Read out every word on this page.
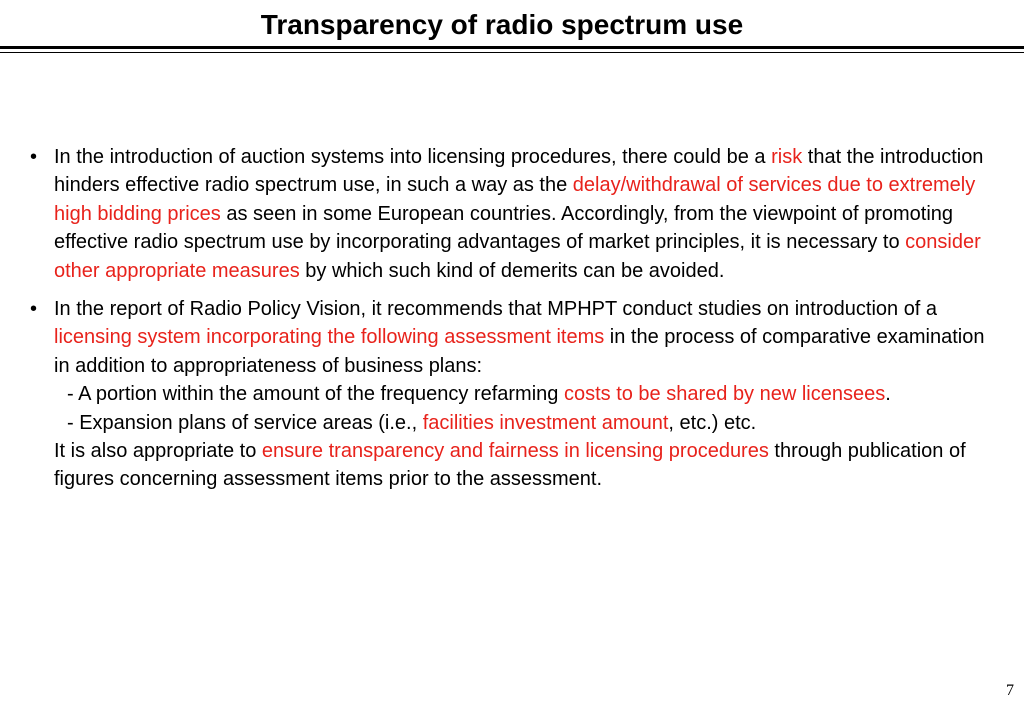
Transparency of radio spectrum use
• In the introduction of auction systems into licensing procedures, there could be a risk that the introduction hinders effective radio spectrum use, in such a way as the delay/withdrawal of services due to extremely high bidding prices as seen in some European countries. Accordingly, from the viewpoint of promoting effective radio spectrum use by incorporating advantages of market principles, it is necessary to consider other appropriate measures by which such kind of demerits can be avoided.
• In the report of Radio Policy Vision, it recommends that MPHPT conduct studies on introduction of a licensing system incorporating the following assessment items in the process of comparative examination in addition to appropriateness of business plans:
- A portion within the amount of the frequency refarming costs to be shared by new licensees.
- Expansion plans of service areas (i.e., facilities investment amount, etc.) etc.
It is also appropriate to ensure transparency and fairness in licensing procedures through publication of figures concerning assessment items prior to the assessment.
7
